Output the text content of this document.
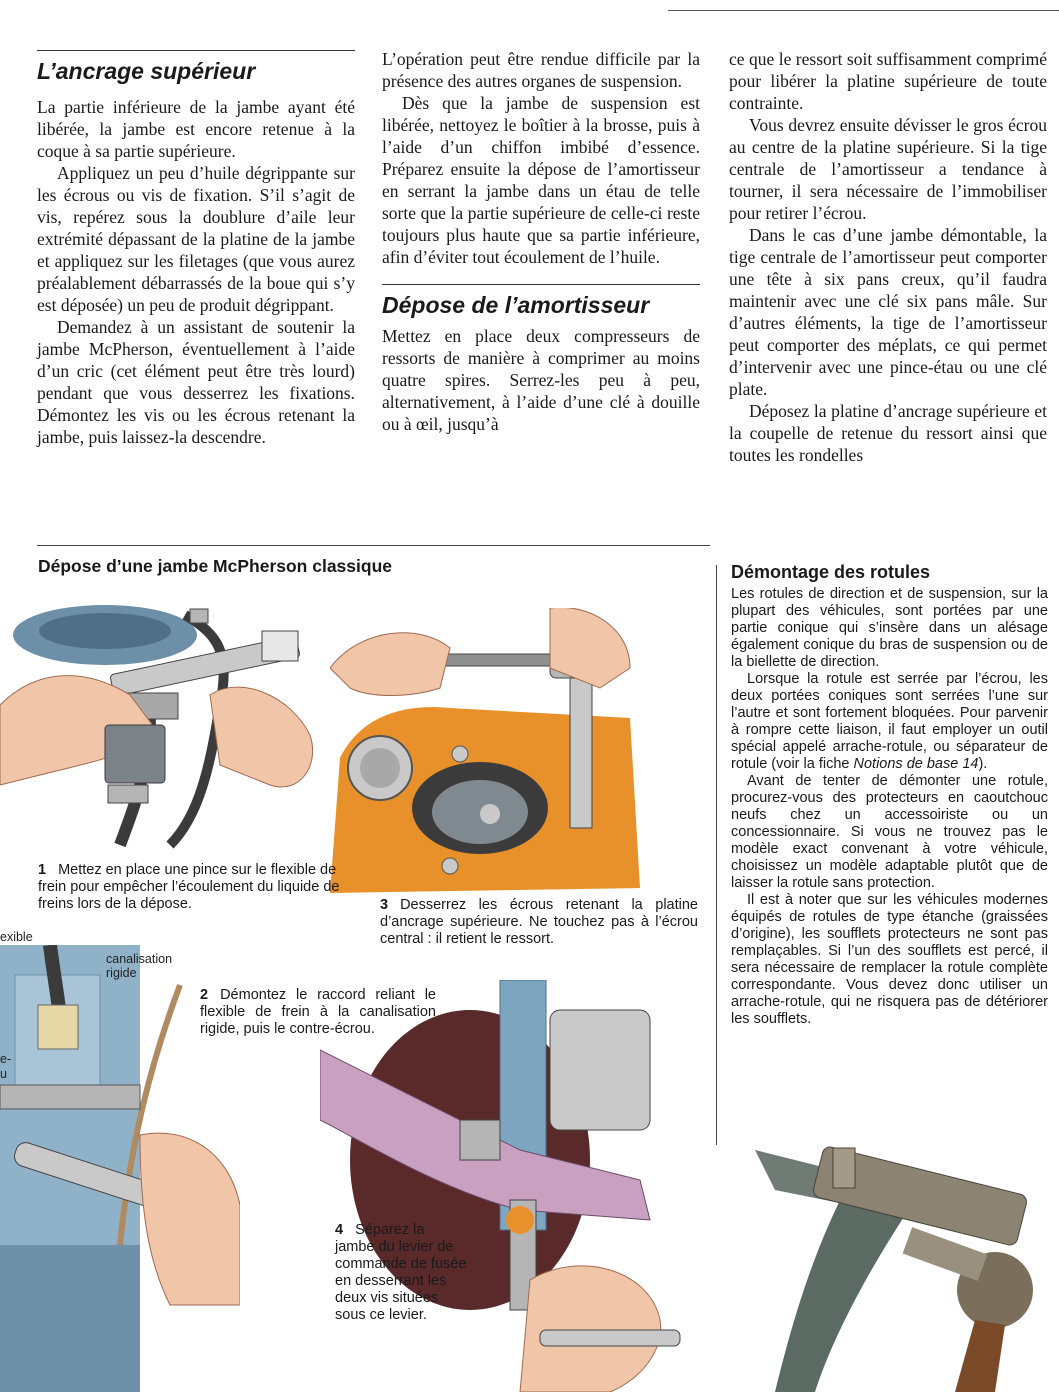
L’ancrage supérieur

La partie inférieure de la jambe ayant été libérée, la jambe est encore retenue à la coque à sa partie supérieure.

Appliquez un peu d’huile dégrippante sur les écrous ou vis de fixation. S’il s’agit de vis, repérez sous la doublure d’aile leur extrémité dépassant de la platine de la jambe et appliquez sur les filetages (que vous aurez préalablement débarrassés de la boue qui s’y est déposée) un peu de produit dégrippant.

Demandez à un assistant de soutenir la jambe McPherson, éventuellement à l’aide d’un cric (cet élément peut être très lourd) pendant que vous desserrez les fixations. Démontez les vis ou les écrous retenant la jambe, puis laissez-la descendre.

L’opération peut être rendue difficile par la présence des autres organes de suspension.

Dès que la jambe de suspension est libérée, nettoyez le boîtier à la brosse, puis à l’aide d’un chiffon imbibé d’essence. Préparez ensuite la dépose de l’amortisseur en serrant la jambe dans un étau de telle sorte que la partie supérieure de celle-ci reste toujours plus haute que sa partie inférieure, afin d’éviter tout écoulement de l’huile.

Dépose de l’amortisseur

Mettez en place deux compresseurs de ressorts de manière à comprimer au moins quatre spires. Serrez-les peu à peu, alternativement, à l’aide d’une clé à douille ou à œil, jusqu’à

ce que le ressort soit suffisamment comprimé pour libérer la platine supérieure de toute contrainte.

Vous devrez ensuite dévisser le gros écrou au centre de la platine supérieure. Si la tige centrale de l’amortisseur a tendance à tourner, il sera nécessaire de l’immobiliser pour retirer l’écrou.

Dans le cas d’une jambe démontable, la tige centrale de l’amortisseur peut comporter une tête à six pans creux, qu’il faudra maintenir avec une clé six pans mâle. Sur d’autres éléments, la tige de l’amortisseur peut comporter des méplats, ce qui permet d’intervenir avec une pince-étau ou une clé plate.

Déposez la platine d’ancrage supérieure et la coupelle de retenue du ressort ainsi que toutes les rondelles

Dépose d’une jambe McPherson classique
1 Mettez en place une pince sur le flexible de frein pour empêcher l’écoulement du liquide de freins lors de la dépose.	3 Desserrez les écrous retenant la platine d’ancrage supérieure. Ne touchez pas à l’écrou central : il retient le ressort.
2 Démontez le raccord reliant le flexible de frein à la canalisation rigide, puis le contre-écrou.
4 Séparez la jambe du levier de commande de fusée en desserrant les deux vis situées sous ce levier.
exible
canalisation rigide
e-
u
Démontage des rotules

Les rotules de direction et de suspension, sur la plupart des véhicules, sont portées par une partie conique qui s’insère dans un alésage également conique du bras de suspension ou de la biellette de direction.

Lorsque la rotule est serrée par l’écrou, les deux portées coniques sont serrées l’une sur l’autre et sont fortement bloquées. Pour parvenir à rompre cette liaison, il faut employer un outil spécial appelé arrache-rotule, ou séparateur de rotule (voir la fiche Notions de base 14).

Avant de tenter de démonter une rotule, procurez-vous des protecteurs en caoutchouc neufs chez un accessoiriste ou un concessionnaire. Si vous ne trouvez pas le modèle exact convenant à votre véhicule, choisissez un modèle adaptable plutôt que de laisser la rotule sans protection.

Il est à noter que sur les véhicules modernes équipés de rotules de type étanche (graissées d’origine), les soufflets protecteurs ne sont pas remplaçables. Si l’un des soufflets est percé, il sera nécessaire de remplacer la rotule complète correspondante. Vous devez donc utiliser un arrache-rotule, qui ne risquera pas de détériorer les soufflets.
